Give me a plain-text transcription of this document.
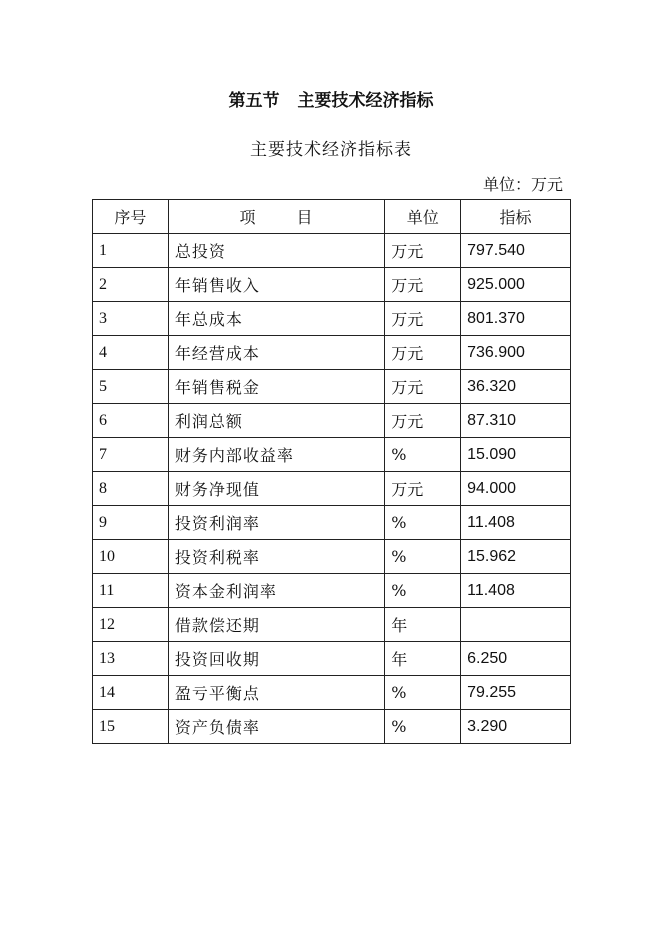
第五节 主要技术经济指标
主要技术经济指标表
单位：万元
序号	项 目	单位	指标
1	总投资	万元	797.540
2	年销售收入	万元	925.000
3	年总成本	万元	801.370
4	年经营成本	万元	736.900
5	年销售税金	万元	36.320
6	利润总额	万元	87.310
7	财务内部收益率	%	15.090
8	财务净现值	万元	94.000
9	投资利润率	%	11.408
10	投资利税率	%	15.962
11	资本金利润率	%	11.408
12	借款偿还期	年	
13	投资回收期	年	6.250
14	盈亏平衡点	%	79.255
15	资产负债率	%	3.290
